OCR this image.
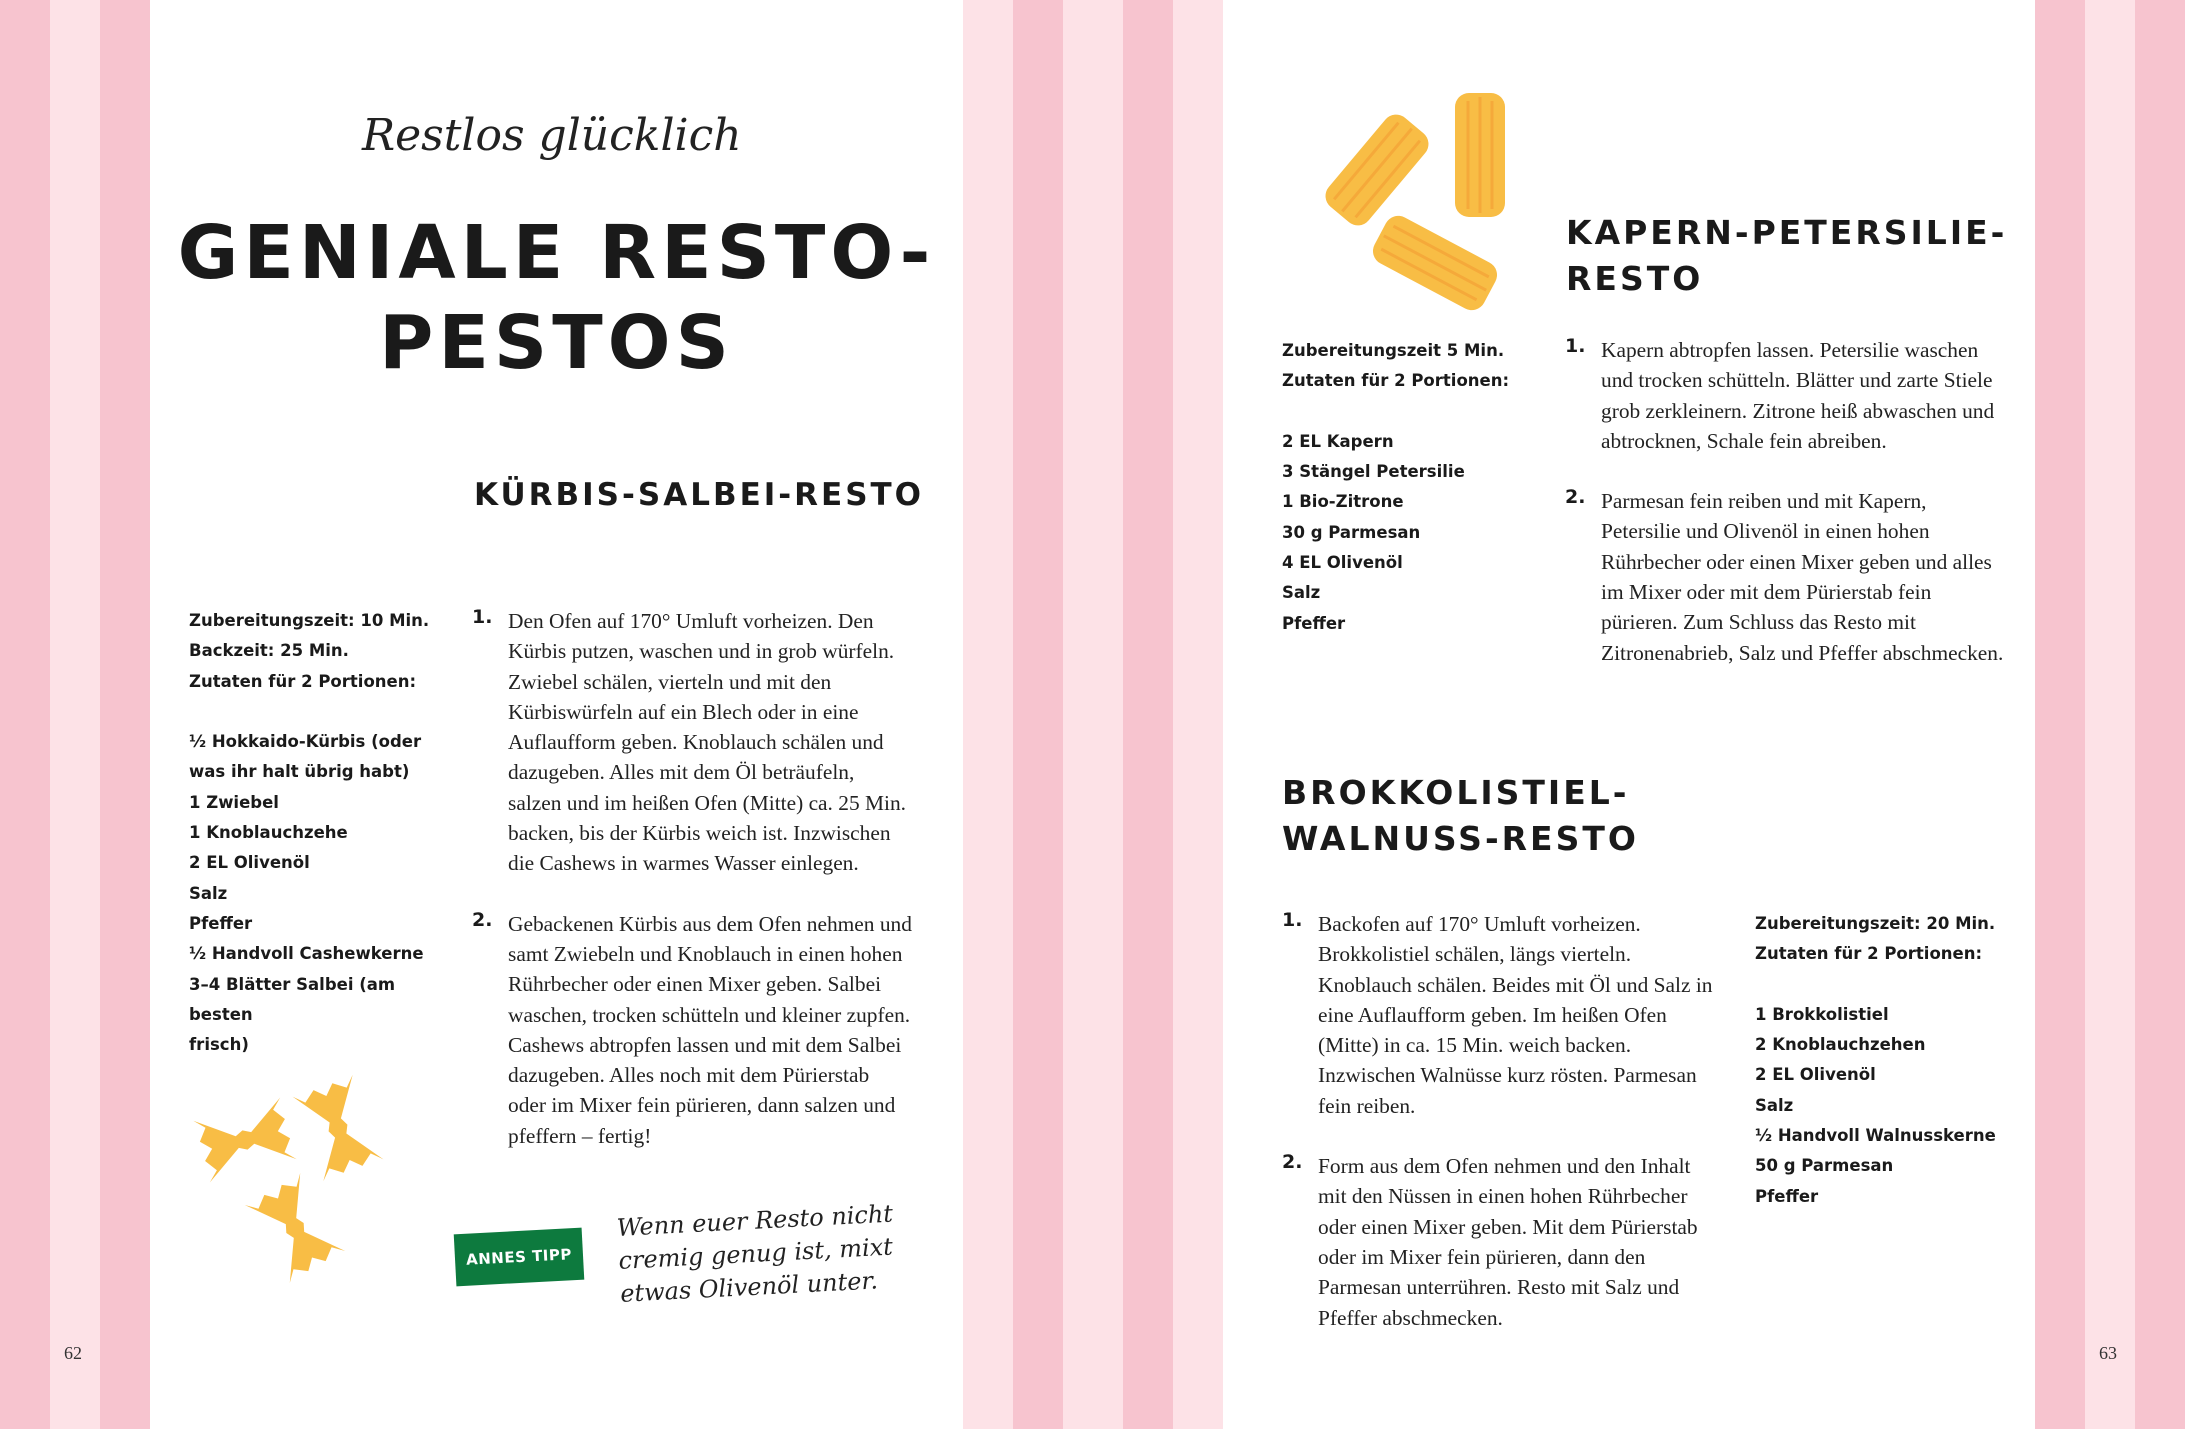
Restlos glücklich
GENIALE RESTO-
PESTOS
KÜRBIS-SALBEI-RESTO
Zubereitungszeit: 10 Min.
Backzeit: 25 Min.
Zutaten für 2 Portionen:
½ Hokkaido-Kürbis (oder
was ihr halt übrig habt)
1 Zwiebel
1 Knoblauchzehe
2 EL Olivenöl
Salz
Pfeffer
½ Handvoll Cashewkerne
3–4 Blätter Salbei (am besten
frisch)
1. Den Ofen auf 170° Umluft vorheizen. Den Kürbis putzen, waschen und in grob würfeln. Zwiebel schälen, vierteln und mit den Kürbiswürfeln auf ein Blech oder in eine Auflaufform geben. Knoblauch schälen und dazugeben. Alles mit dem Öl beträufeln, salzen und im heißen Ofen (Mitte) ca. 25 Min. backen, bis der Kürbis weich ist. Inzwischen die Cashews in warmes Wasser einlegen.
2. Gebackenen Kürbis aus dem Ofen nehmen und samt Zwiebeln und Knoblauch in einen hohen Rührbecher oder einen Mixer geben. Salbei waschen, trocken schütteln und kleiner zupfen. Cashews abtropfen lassen und mit dem Salbei dazugeben. Alles noch mit dem Pürierstab oder im Mixer fein pürieren, dann salzen und pfeffern – fertig!
ANNES TIPP
Wenn euer Resto nicht cremig genug ist, mixt etwas Olivenöl unter.
62
KAPERN-PETERSILIE-
RESTO
Zubereitungszeit 5 Min.
Zutaten für 2 Portionen:
2 EL Kapern
3 Stängel Petersilie
1 Bio-Zitrone
30 g Parmesan
4 EL Olivenöl
Salz
Pfeffer
1. Kapern abtropfen lassen. Petersilie waschen und trocken schütteln. Blätter und zarte Stiele grob zerkleinern. Zitrone heiß abwaschen und abtrocknen, Schale fein abreiben.
2. Parmesan fein reiben und mit Kapern, Petersilie und Olivenöl in einen hohen Rührbecher oder einen Mixer geben und alles im Mixer oder mit dem Pürierstab fein pürieren. Zum Schluss das Resto mit Zitronenabrieb, Salz und Pfeffer abschmecken.
BROKKOLISTIEL-
WALNUSS-RESTO
1. Backofen auf 170° Umluft vorheizen. Brokkolistiel schälen, längs vierteln. Knoblauch schälen. Beides mit Öl und Salz in eine Auflaufform geben. Im heißen Ofen (Mitte) in ca. 15 Min. weich backen. Inzwischen Walnüsse kurz rösten. Parmesan fein reiben.
2. Form aus dem Ofen nehmen und den Inhalt mit den Nüssen in einen hohen Rührbecher oder einen Mixer geben. Mit dem Pürierstab oder im Mixer fein pürieren, dann den Parmesan unterrühren. Resto mit Salz und Pfeffer abschmecken.
Zubereitungszeit: 20 Min.
Zutaten für 2 Portionen:
1 Brokkolistiel
2 Knoblauchzehen
2 EL Olivenöl
Salz
½ Handvoll Walnusskerne
50 g Parmesan
Pfeffer
63
